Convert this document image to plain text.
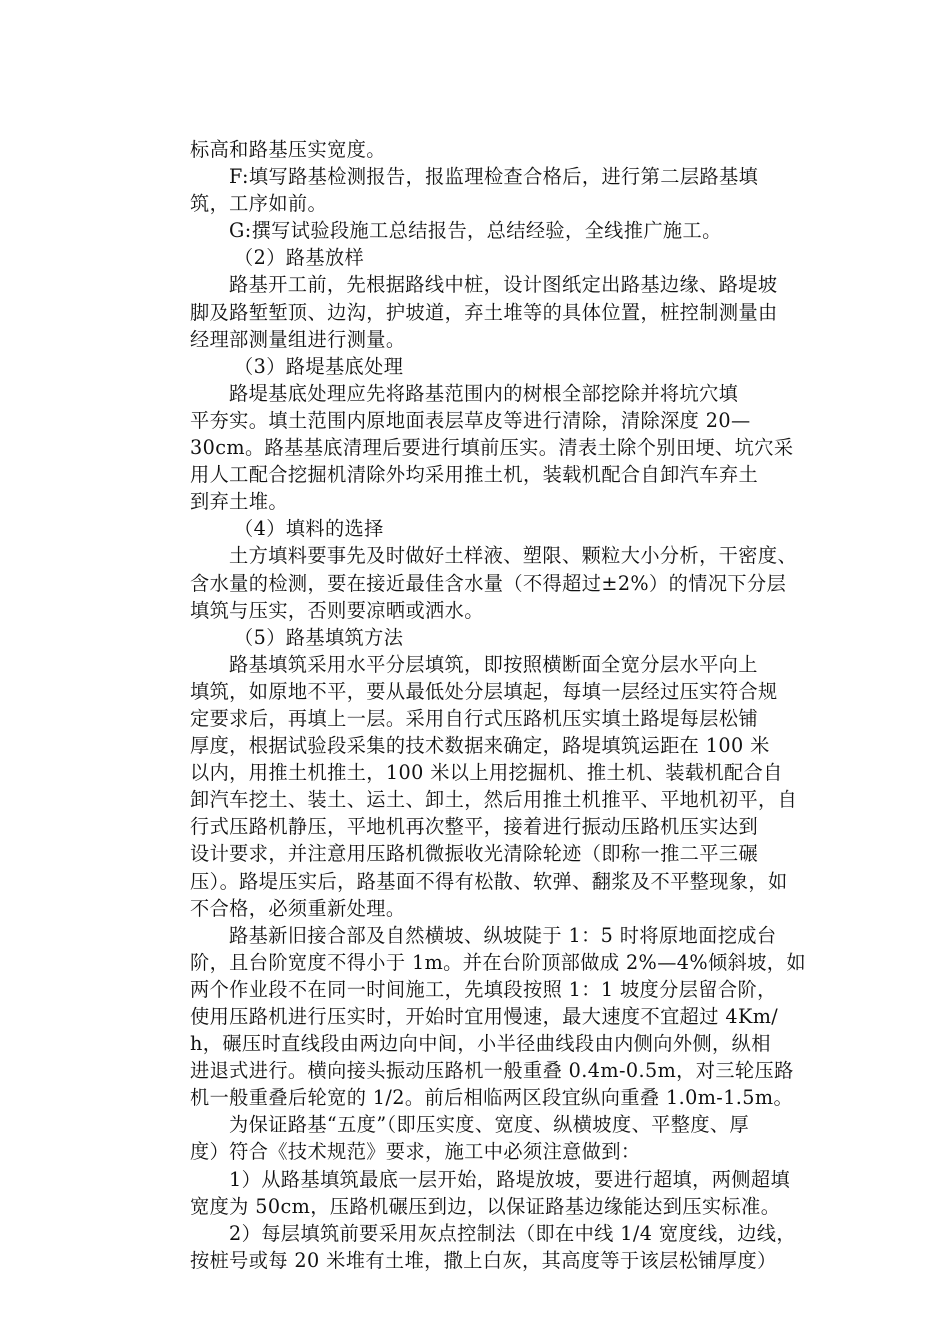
标高和路基压实宽度。
F:填写路基检测报告，报监理检查合格后，进行第二层路基填
筑，工序如前。
G:撰写试验段施工总结报告，总结经验，全线推广施工。
（2）路基放样
路基开工前，先根据路线中桩，设计图纸定出路基边缘、路堤坡
脚及路堑堑顶、边沟，护坡道，弃土堆等的具体位置，桩控制测量由
经理部测量组进行测量。
（3）路堤基底处理
路堤基底处理应先将路基范围内的树根全部挖除并将坑穴填
平夯实。填土范围内原地面表层草皮等进行清除，清除深度 20—
30cm。路基基底清理后要进行填前压实。清表土除个别田埂、坑穴采
用人工配合挖掘机清除外均采用推土机，装载机配合自卸汽车弃土
到弃土堆。
（4）填料的选择
土方填料要事先及时做好土样液、塑限、颗粒大小分析，干密度、
含水量的检测，要在接近最佳含水量（不得超过±2%）的情况下分层
填筑与压实，否则要凉晒或洒水。
（5）路基填筑方法
路基填筑采用水平分层填筑，即按照横断面全宽分层水平向上
填筑，如原地不平，要从最低处分层填起，每填一层经过压实符合规
定要求后，再填上一层。采用自行式压路机压实填土路堤每层松铺
厚度，根据试验段采集的技术数据来确定，路堤填筑运距在 100 米
以内，用推土机推土，100 米以上用挖掘机、推土机、装载机配合自
卸汽车挖土、装土、运土、卸土，然后用推土机推平、平地机初平，自
行式压路机静压，平地机再次整平，接着进行振动压路机压实达到
设计要求，并注意用压路机微振收光清除轮迹（即称一推二平三碾
压）。路堤压实后，路基面不得有松散、软弹、翻浆及不平整现象，如
不合格，必须重新处理。
路基新旧接合部及自然横坡、纵坡陡于 1：5 时将原地面挖成台
阶，且台阶宽度不得小于 1m。并在台阶顶部做成 2%—4%倾斜坡，如
两个作业段不在同一时间施工，先填段按照 1：1 坡度分层留合阶，
使用压路机进行压实时，开始时宜用慢速，最大速度不宜超过 4Km/
h，碾压时直线段由两边向中间，小半径曲线段由内侧向外侧，纵相
进退式进行。横向接头振动压路机一般重叠 0.4m-0.5m，对三轮压路
机一般重叠后轮宽的 1/2。前后相临两区段宜纵向重叠 1.0m-1.5m。
为保证路基“五度”（即压实度、宽度、纵横坡度、平整度、厚
度）符合《技术规范》要求，施工中必须注意做到：
1）从路基填筑最底一层开始，路堤放坡，要进行超填，两侧超填
宽度为 50cm，压路机碾压到边，以保证路基边缘能达到压实标准。
2）每层填筑前要采用灰点控制法（即在中线 1/4 宽度线，边线，
按桩号或每 20 米堆有土堆，撒上白灰，其高度等于该层松铺厚度）
